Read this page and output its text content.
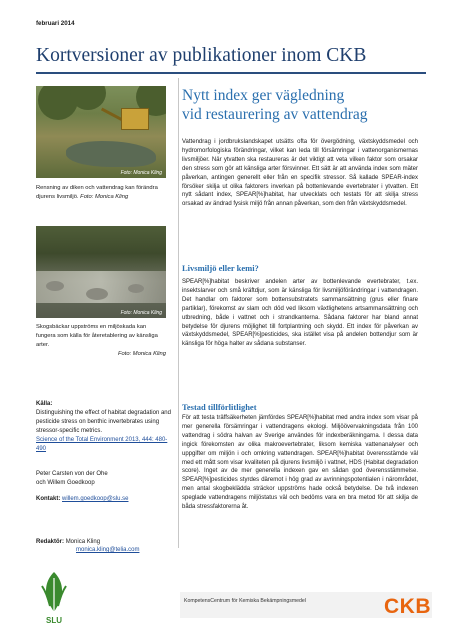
februari 2014
Kortversioner av publikationer inom CKB
Foto: Monica Kling
Rensning av diken och vattendrag kan förändra djurens livsmiljö. Foto: Monica Kling
Foto: Monica Kling
Skogsbäckar uppströms en miljöskada kan fungera som källa för återetablering av känsliga arter.
Foto: Monica Kling
Källa:
Distinguishing the effect of habitat degradation and pesticide stress on benthic invertebrates using stressor-specific metrics.
Science of the Total Environment 2013, 444: 480-490
Peter Carsten von der Ohe
och Willem Goedkoop
Kontakt: willem.goedkoop@slu.se
Redaktör: Monica Kling
monica.kling@telia.com
SLU
Nytt index ger vägledning
vid restaurering av vattendrag
Vattendrag i jordbrukslandskapet utsätts ofta för övergödning, växtskyddsmedel och hydromorfologiska förändringar, vilket kan leda till försämringar i vattenorganismernas livsmiljöer. När ytvatten ska restaureras är det viktigt att veta vilken faktor som orsakar den stress som gör att känsliga arter försvinner. Ett sätt är att använda index som mäter påverkan, antingen generellt eller från en specifik stressor. Så kallade SPEAR-index försöker skilja ut olika faktorers inverkan på bottenlevande evertebrater i ytvatten. Ett nytt sådant index, SPEAR[%]habitat, har utvecklats och testats för att skilja stress orsakad av ändrad fysisk miljö från annan påverkan, som den från växtskyddsmedel.
Livsmiljö eller kemi?
SPEAR[%]habitat beskriver andelen arter av bottenlevande evertebrater, t.ex. insektslarver och små kräftdjur, som är känsliga för livsmiljöförändringar i vattendragen. Det handlar om faktorer som bottensubstratets sammansättning (grus eller finare partiklar), förekomst av slam och död ved liksom växtlighetens artsammansättning och utbredning, både i vattnet och i strandkanterna. Sådana faktorer har bland annat betydelse för djurens möjlighet till fortplantning och skydd. Ett index för påverkan av växtskyddsmedel, SPEAR[%]pesticides, ska istället visa på andelen bottendjur som är känsliga för höga halter av sådana substanser.
Testad tillförlitlighet
För att testa träffsäkerheten jämfördes SPEAR[%]habitat med andra index som visar på mer generella försämringar i vattendragens ekologi. Miljöövervakningsdata från 100 vattendrag i södra halvan av Sverige användes för indexberäkningarna. I dessa data ingick förekomsten av olika makroevertebrater, liksom kemiska vattenanalyser och uppgifter om miljön i och omkring vattendragen. SPEAR[%]habitat överensstämde väl med ett mått som visar kvaliteten på djurens livsmiljö i vattnet, HDS (Habitat degradation score). Inget av de mer generella indexen gav en sådan god överensstämmelse. SPEAR[%]pesticides styrdes däremot i hög grad av avrinningspotentialen i närområdet, men antal skogbeklädda sträckor uppströms hade också betydelse. De två indexen speglade vattendragens miljöstatus väl och bedöms vara en bra metod för att skilja de båda stressfaktorerna åt.
KompetensCentrum för Kemiska Bekämpningsmedel	CKB
